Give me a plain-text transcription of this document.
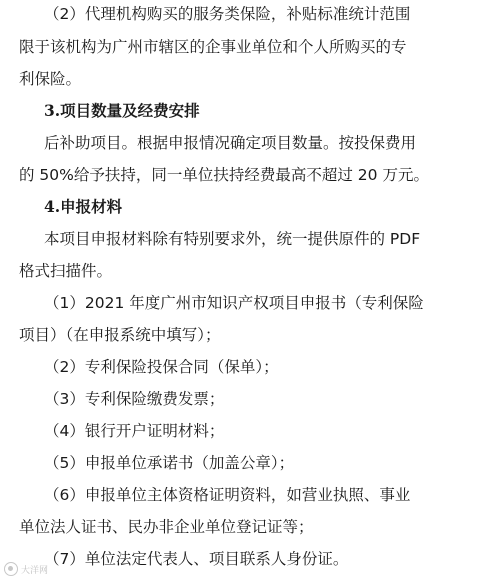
（2）代理机构购买的服务类保险，补贴标准统计范围
限于该机构为广州市辖区的企事业单位和个人所购买的专
利保险。
3.项目数量及经费安排
后补助项目。根据申报情况确定项目数量。按投保费用
的 50%给予扶持，同一单位扶持经费最高不超过 20 万元。
4.申报材料
本项目申报材料除有特别要求外，统一提供原件的 PDF
格式扫描件。
（1）2021 年度广州市知识产权项目申报书（专利保险
项目）（在申报系统中填写）；
（2）专利保险投保合同（保单）；
（3）专利保险缴费发票；
（4）银行开户证明材料；
（5）申报单位承诺书（加盖公章）；
（6）申报单位主体资格证明资料，如营业执照、事业
单位法人证书、民办非企业单位登记证等；
（7）单位法定代表人、项目联系人身份证。
大洋网
